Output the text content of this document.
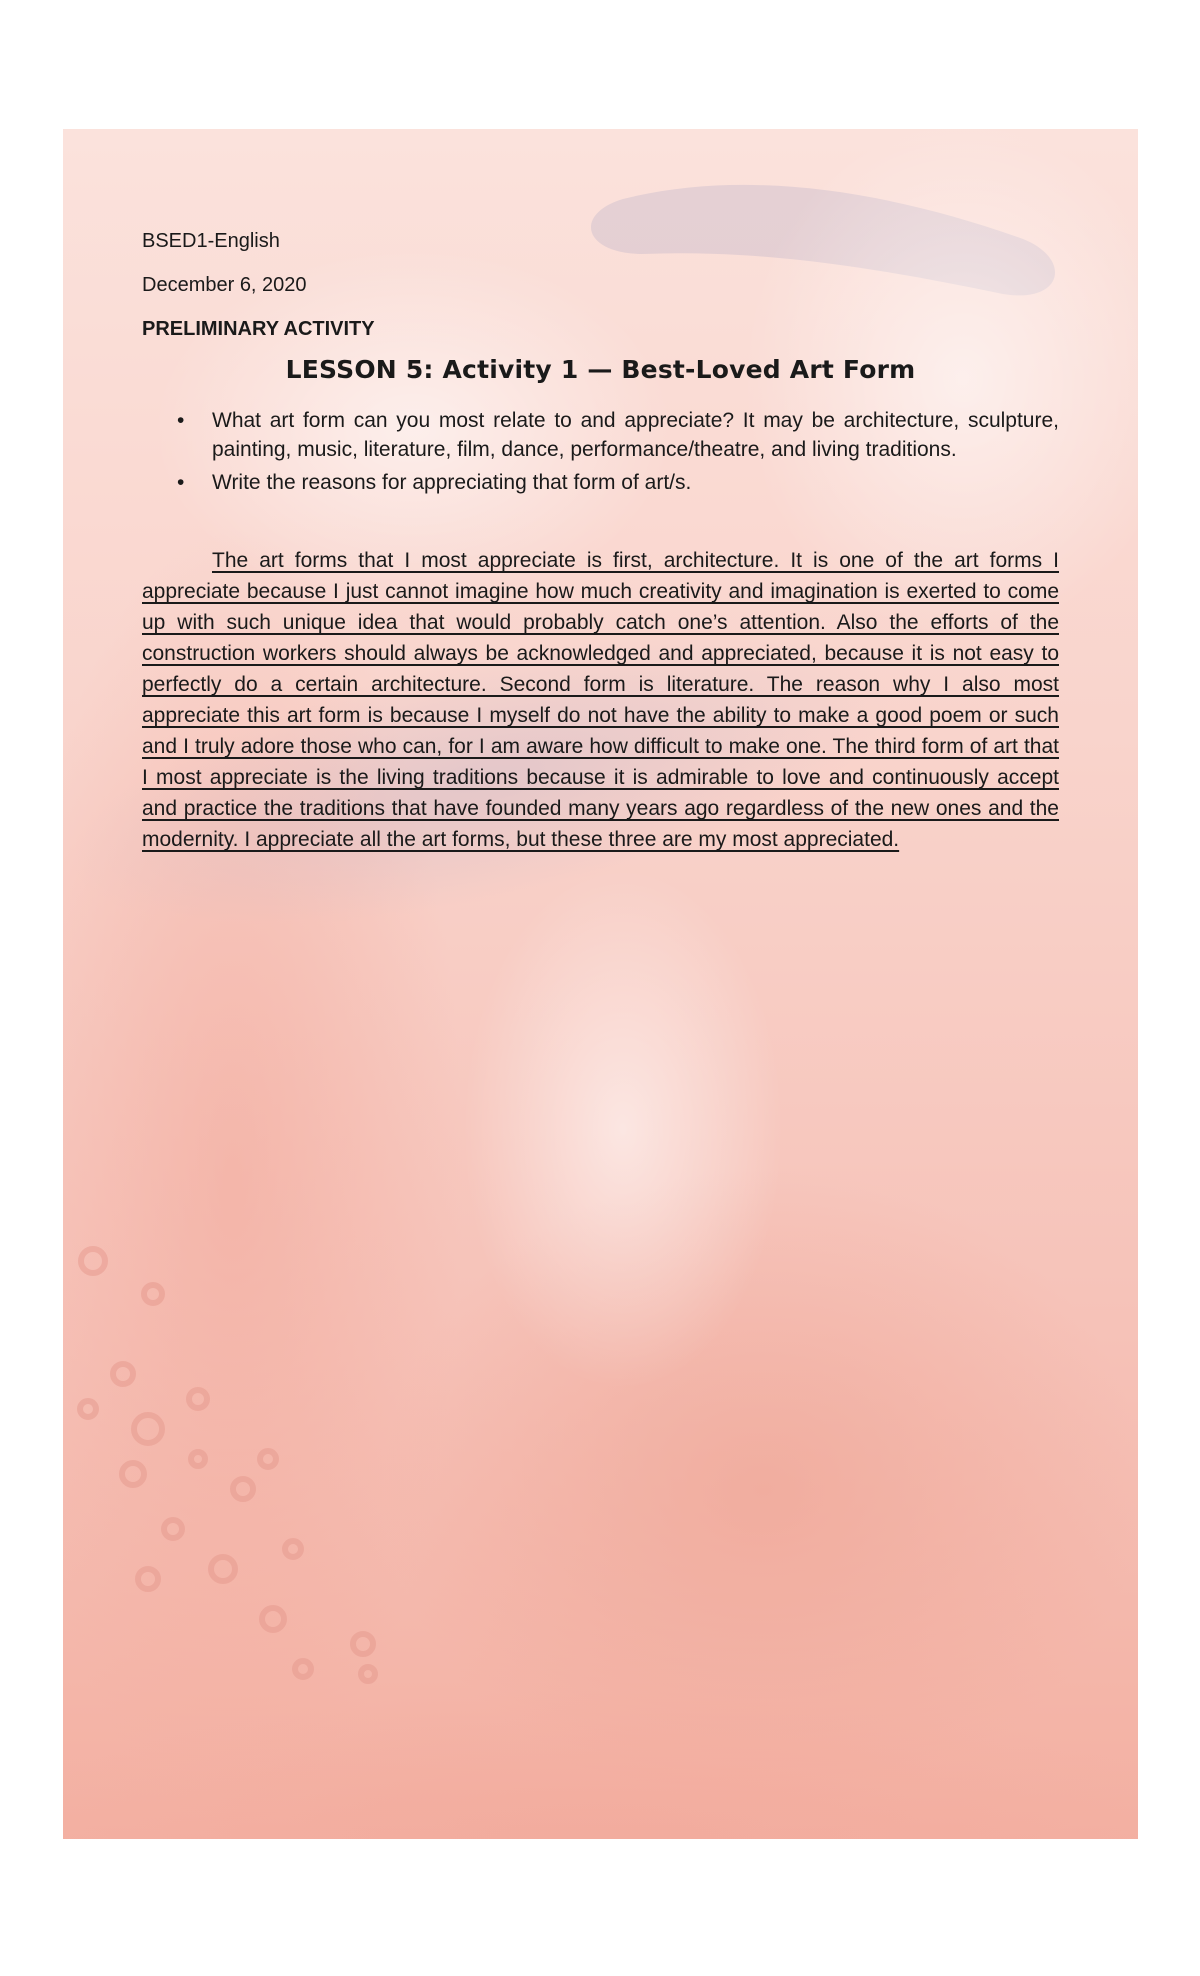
BSED1-English

December 6, 2020

PRELIMINARY ACTIVITY

LESSON 5: Activity 1 — Best-Loved Art Form
• What art form can you most relate to and appreciate? It may be architecture, sculpture, painting, music, literature, film, dance, performance/theatre, and living traditions.
• Write the reasons for appreciating that form of art/s.

The art forms that I most appreciate is first, architecture. It is one of the art forms I appreciate because I just cannot imagine how much creativity and imagination is exerted to come up with such unique idea that would probably catch one’s attention. Also the efforts of the construction workers should always be acknowledged and appreciated, because it is not easy to perfectly do a certain architecture. Second form is literature. The reason why I also most appreciate this art form is because I myself do not have the ability to make a good poem or such and I truly adore those who can, for I am aware how difficult to make one. The third form of art that I most appreciate is the living traditions because it is admirable to love and continuously accept and practice the traditions that have founded many years ago regardless of the new ones and the modernity. I appreciate all the art forms, but these three are my most appreciated.
